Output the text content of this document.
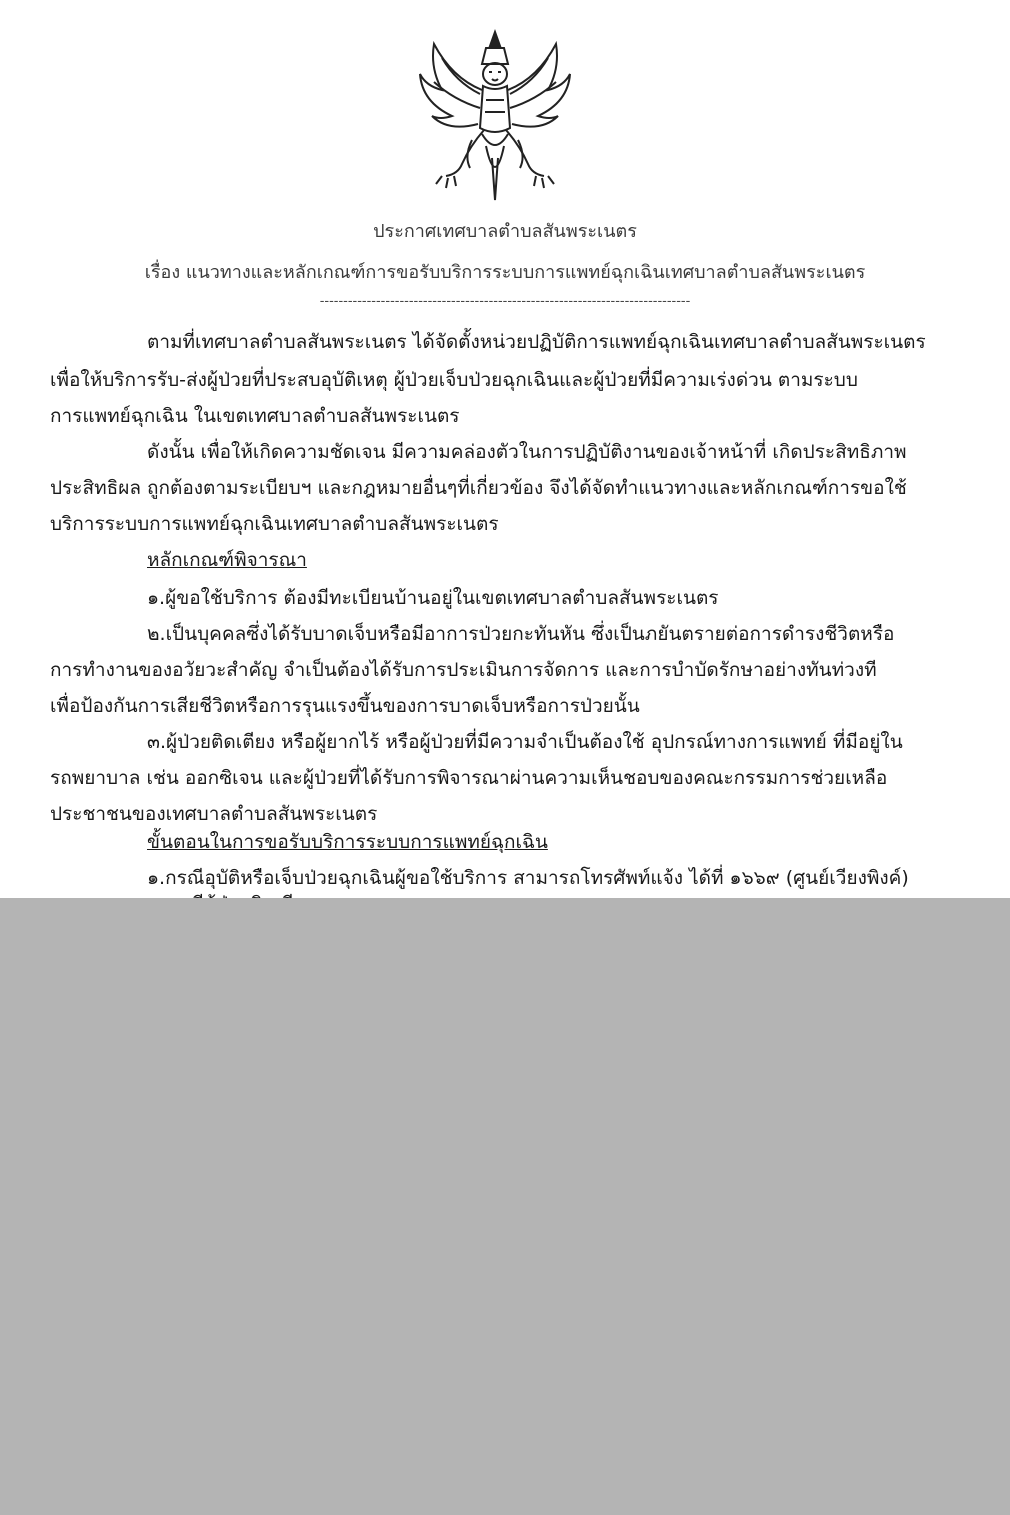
ประกาศเทศบาลตำบลสันพระเนตร
เรื่อง แนวทางและหลักเกณฑ์การขอรับบริการระบบการแพทย์ฉุกเฉินเทศบาลตำบลสันพระเนตร
-------------------------------------------------------------------------------
ตามที่เทศบาลตำบลสันพระเนตร ได้จัดตั้งหน่วยปฏิบัติการแพทย์ฉุกเฉินเทศบาลตำบลสันพระเนตร
เพื่อให้บริการรับ-ส่งผู้ป่วยที่ประสบอุบัติเหตุ ผู้ป่วยเจ็บป่วยฉุกเฉินและผู้ป่วยที่มีความเร่งด่วน ตามระบบ
การแพทย์ฉุกเฉิน ในเขตเทศบาลตำบลสันพระเนตร
ดังนั้น เพื่อให้เกิดความชัดเจน มีความคล่องตัวในการปฏิบัติงานของเจ้าหน้าที่ เกิดประสิทธิภาพ
ประสิทธิผล ถูกต้องตามระเบียบฯ และกฎหมายอื่นๆที่เกี่ยวข้อง จึงได้จัดทำแนวทางและหลักเกณฑ์การขอใช้
บริการระบบการแพทย์ฉุกเฉินเทศบาลตำบลสันพระเนตร
หลักเกณฑ์พิจารณา
๑.ผู้ขอใช้บริการ ต้องมีทะเบียนบ้านอยู่ในเขตเทศบาลตำบลสันพระเนตร
๒.เป็นบุคคลซึ่งได้รับบาดเจ็บหรือมีอาการป่วยกะทันหัน ซึ่งเป็นภยันตรายต่อการดำรงชีวิตหรือ
การทำงานของอวัยวะสำคัญ จำเป็นต้องได้รับการประเมินการจัดการ และการบำบัดรักษาอย่างทันท่วงที
เพื่อป้องกันการเสียชีวิตหรือการรุนแรงขึ้นของการบาดเจ็บหรือการป่วยนั้น
๓.ผู้ป่วยติดเตียง หรือผู้ยากไร้ หรือผู้ป่วยที่มีความจำเป็นต้องใช้ อุปกรณ์ทางการแพทย์ ที่มีอยู่ใน
รถพยาบาล เช่น ออกซิเจน และผู้ป่วยที่ได้รับการพิจารณาผ่านความเห็นชอบของคณะกรรมการช่วยเหลือ
ประชาชนของเทศบาลตำบลสันพระเนตร
ขั้นตอนในการขอรับบริการระบบการแพทย์ฉุกเฉิน
๑.กรณีอุบัติหรือเจ็บป่วยฉุกเฉินผู้ขอใช้บริการ สามารถโทรศัพท์แจ้ง ได้ที่ ๑๖๖๙ (ศูนย์เวียงพิงค์)
